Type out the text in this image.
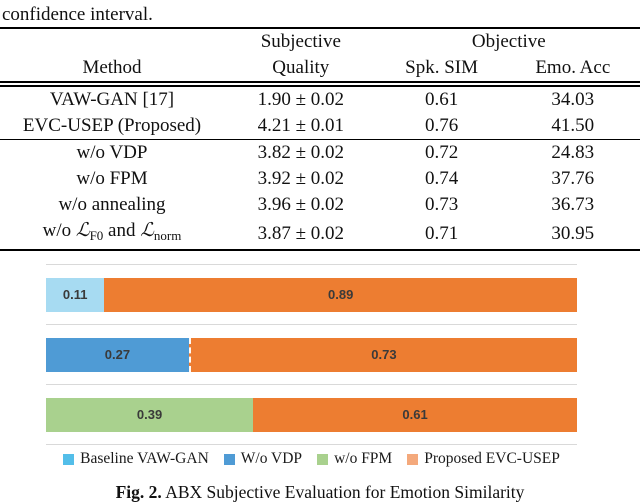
confidence interval.
	Subjective	Objective	
Method	Quality	Spk. SIM	Emo. Acc
VAW-GAN [17]	1.90 ± 0.02	0.61	34.03
EVC-USEP (Proposed)	4.21 ± 0.01	0.76	41.50
w/o VDP	3.82 ± 0.02	0.72	24.83
w/o FPM	3.92 ± 0.02	0.74	37.76
w/o annealing	3.96 ± 0.02	0.73	36.73
w/o ℒ$_{F0}$ and ℒ$_{norm}$	3.87 ± 0.02	0.71	30.95
0.11	0.89
0.27	0.73
0.39	0.61
Baseline VAW-GAN W/o VDP w/o FPM Proposed EVC-USEP
Fig. 2. ABX Subjective Evaluation for Emotion Similarity
